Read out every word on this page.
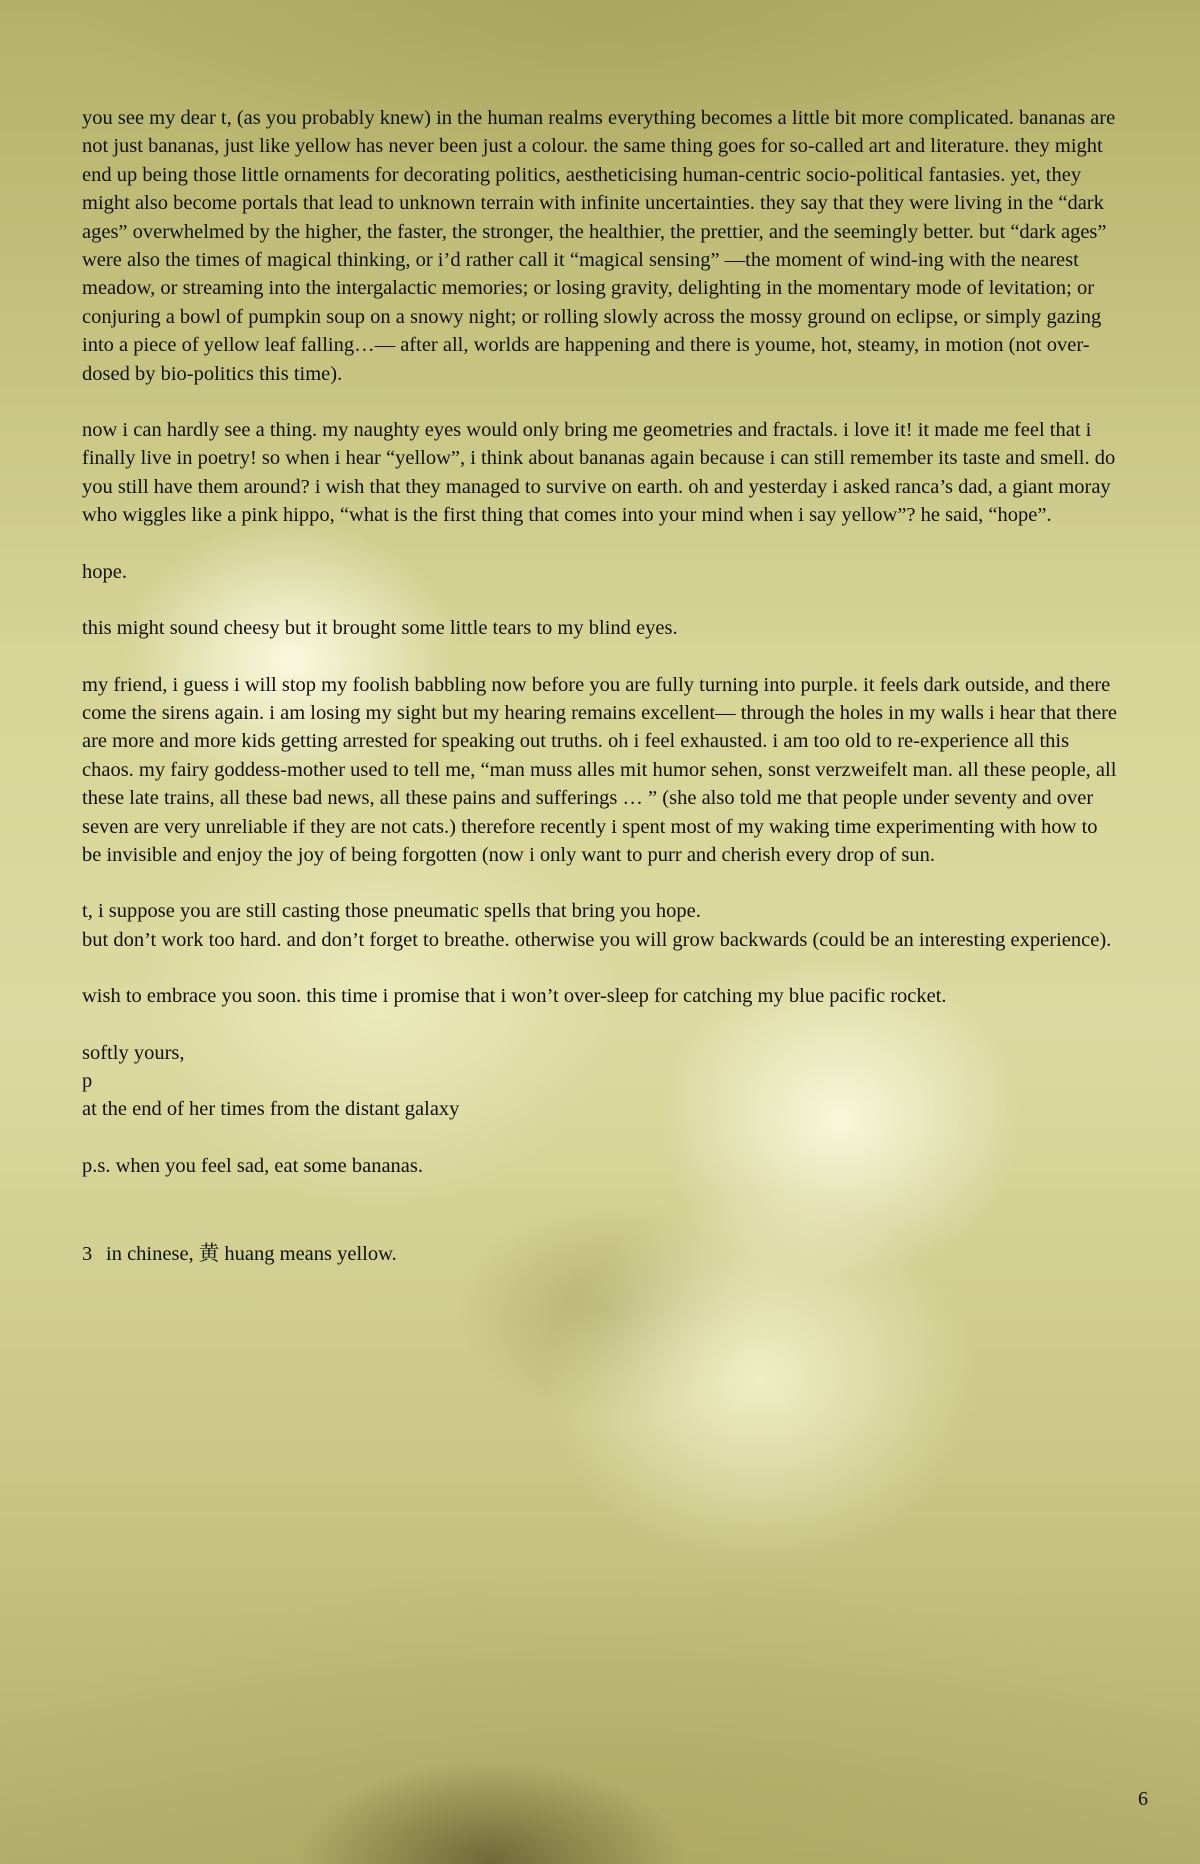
you see my dear t, (as you probably knew) in the human realms everything becomes a little bit more complicated. bananas are not just bananas, just like yellow has never been just a colour. the same thing goes for so-called art and literature. they might end up being those little ornaments for decorating politics, aestheticising human-centric socio-political fantasies. yet, they might also become portals that lead to unknown terrain with infinite uncertainties. they say that they were living in the “dark ages” overwhelmed by the higher, the faster, the stronger, the healthier, the prettier, and the seemingly better. but “dark ages” were also the times of magical thinking, or i’d rather call it “magical sensing” —the moment of wind-ing with the nearest meadow, or streaming into the intergalactic memories; or losing gravity, delighting in the momentary mode of levitation; or conjuring a bowl of pumpkin soup on a snowy night; or rolling slowly across the mossy ground on eclipse, or simply gazing into a piece of yellow leaf falling…— after all, worlds are happening and there is youme, hot, steamy, in motion (not over-dosed by bio-politics this time).

now i can hardly see a thing. my naughty eyes would only bring me geometries and fractals. i love it! it made me feel that i finally live in poetry! so when i hear “yellow”, i think about bananas again because i can still remember its taste and smell. do you still have them around? i wish that they managed to survive on earth. oh and yesterday i asked ranca’s dad, a giant moray who wiggles like a pink hippo, “what is the first thing that comes into your mind when i say yellow”? he said, “hope”.

hope.

this might sound cheesy but it brought some little tears to my blind eyes.

my friend, i guess i will stop my foolish babbling now before you are fully turning into purple. it feels dark outside, and there come the sirens again. i am losing my sight but my hearing remains excellent— through the holes in my walls i hear that there are more and more kids getting arrested for speaking out truths. oh i feel exhausted. i am too old to re-experience all this chaos. my fairy goddess-mother used to tell me, “man muss alles mit humor sehen, sonst verzweifelt man. all these people, all these late trains, all these bad news, all these pains and sufferings … ” (she also told me that people under seventy and over seven are very unreliable if they are not cats.) therefore recently i spent most of my waking time experimenting with how to be invisible and enjoy the joy of being forgotten (now i only want to purr and cherish every drop of sun.

t, i suppose you are still casting those pneumatic spells that bring you hope.
but don’t work too hard. and don’t forget to breathe. otherwise you will grow backwards (could be an interesting experience).

wish to embrace you soon. this time i promise that i won’t over-sleep for catching my blue pacific rocket.

softly yours,
p
at the end of her times from the distant galaxy

p.s. when you feel sad, eat some bananas.

3 in chinese, 黄 huang means yellow.
6
